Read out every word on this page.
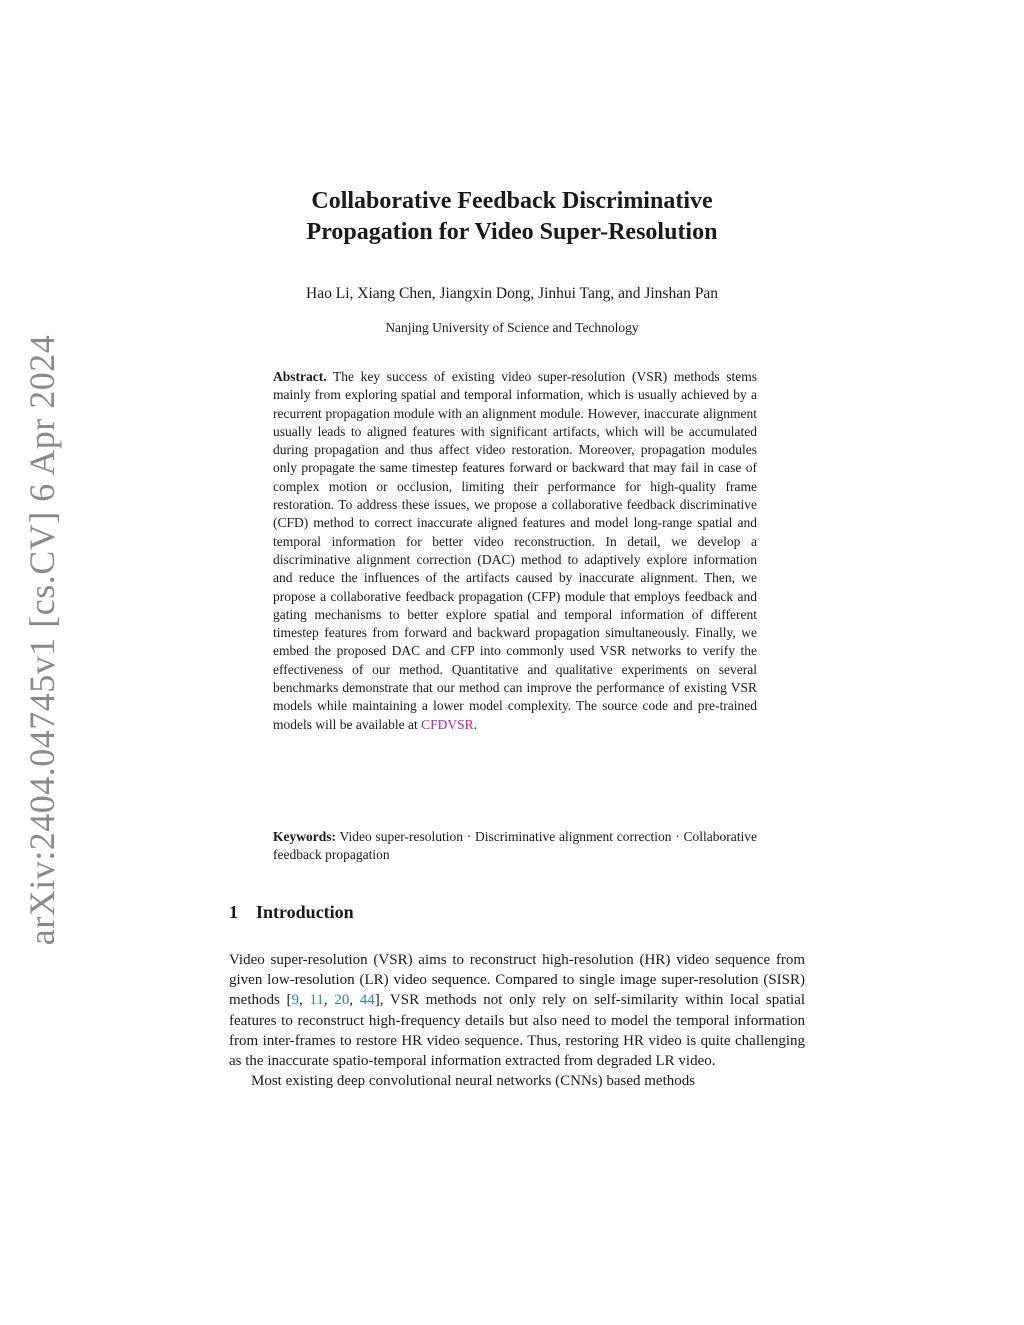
arXiv:2404.04745v1 [cs.CV] 6 Apr 2024
Collaborative Feedback Discriminative
Propagation for Video Super-Resolution
Hao Li, Xiang Chen, Jiangxin Dong, Jinhui Tang, and Jinshan Pan
Nanjing University of Science and Technology

Abstract. The key success of existing video super-resolution (VSR) methods stems mainly from exploring spatial and temporal information, which is usually achieved by a recurrent propagation module with an alignment module. However, inaccurate alignment usually leads to aligned features with significant artifacts, which will be accumulated during propagation and thus affect video restoration. Moreover, propagation modules only propagate the same timestep features forward or backward that may fail in case of complex motion or occlusion, limiting their performance for high-quality frame restoration. To address these issues, we propose a collaborative feedback discriminative (CFD) method to correct inaccurate aligned features and model long-range spatial and temporal information for better video reconstruction. In detail, we develop a discriminative alignment correction (DAC) method to adaptively explore information and reduce the influences of the artifacts caused by inaccurate alignment. Then, we propose a collaborative feedback propagation (CFP) module that employs feedback and gating mechanisms to better explore spatial and temporal information of different timestep features from forward and backward propagation simultaneously. Finally, we embed the proposed DAC and CFP into commonly used VSR networks to verify the effectiveness of our method. Quantitative and qualitative experiments on several benchmarks demonstrate that our method can improve the performance of existing VSR models while maintaining a lower model complexity. The source code and pre-trained models will be available at CFDVSR.

Keywords: Video super-resolution · Discriminative alignment correction · Collaborative feedback propagation
1 Introduction

Video super-resolution (VSR) aims to reconstruct high-resolution (HR) video sequence from given low-resolution (LR) video sequence. Compared to single image super-resolution (SISR) methods [9, 11, 20, 44], VSR methods not only rely on self-similarity within local spatial features to reconstruct high-frequency details but also need to model the temporal information from inter-frames to restore HR video sequence. Thus, restoring HR video is quite challenging as the inaccurate spatio-temporal information extracted from degraded LR video.

Most existing deep convolutional neural networks (CNNs) based methods
